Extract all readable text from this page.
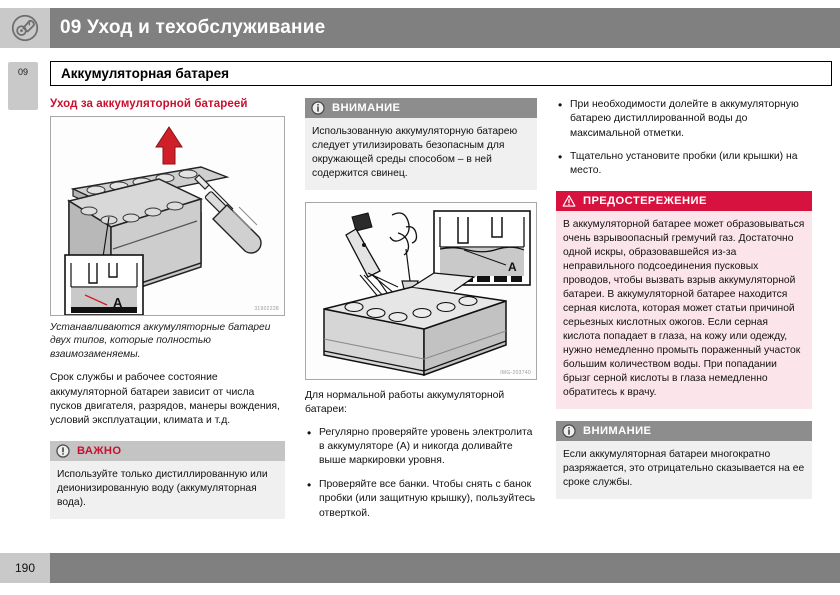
09 Уход и техобслуживание
09	Аккумуляторная батарея
Уход за аккумуляторной батареей
A	31902228
Устанавливаются аккумуляторные батареи двух типов, которые полностью взаимозаменяемы.

Срок службы и рабочее состояние аккумуляторной батареи зависит от числа пусков двигателя, разрядов, манеры вождения, условий эксплуатации, климата и т.д.

ВАЖНО
Используйте только дистиллированную или деионизированную воду (аккумуляторная вода).
ВНИМАНИЕ
Использованную аккумуляторную батарею следует утилизировать безопасным для окружающей среды способом – в ней содержится свинец.
A
IMG-203740

Для нормальной работы аккумуляторной батареи:

• Регулярно проверяйте уровень электролита в аккумуляторе (A) и никогда доливайте выше маркировки уровня.
• Проверяйте все банки. Чтобы снять с банок пробки (или защитную крышку), пользуйтесь отверткой.
• При необходимости долейте в аккумуляторную батарею дистиллированной воды до максимальной отметки.
• Тщательно установите пробки (или крышки) на место.
ПРЕДОСТЕРЕЖЕНИЕ
В аккумуляторной батарее может образовываться очень взрывоопасный гремучий газ. Достаточно одной искры, образовавшейся из-за неправильного подсоединения пусковых проводов, чтобы вызвать взрыв аккумуляторной батареи. В аккумуляторной батарее находится серная кислота, которая может статьи причиной серьезных кислотных ожогов. Если серная кислота попадает в глаза, на кожу или одежду, нужно немедленно промыть пораженный участок большим количеством воды. При попадании брызг серной кислоты в глаза немедленно обратитесь к врачу.
ВНИМАНИЕ
Если аккумуляторная батареи многократно разряжается, это отрицательно сказывается на ее сроке службы.
190
